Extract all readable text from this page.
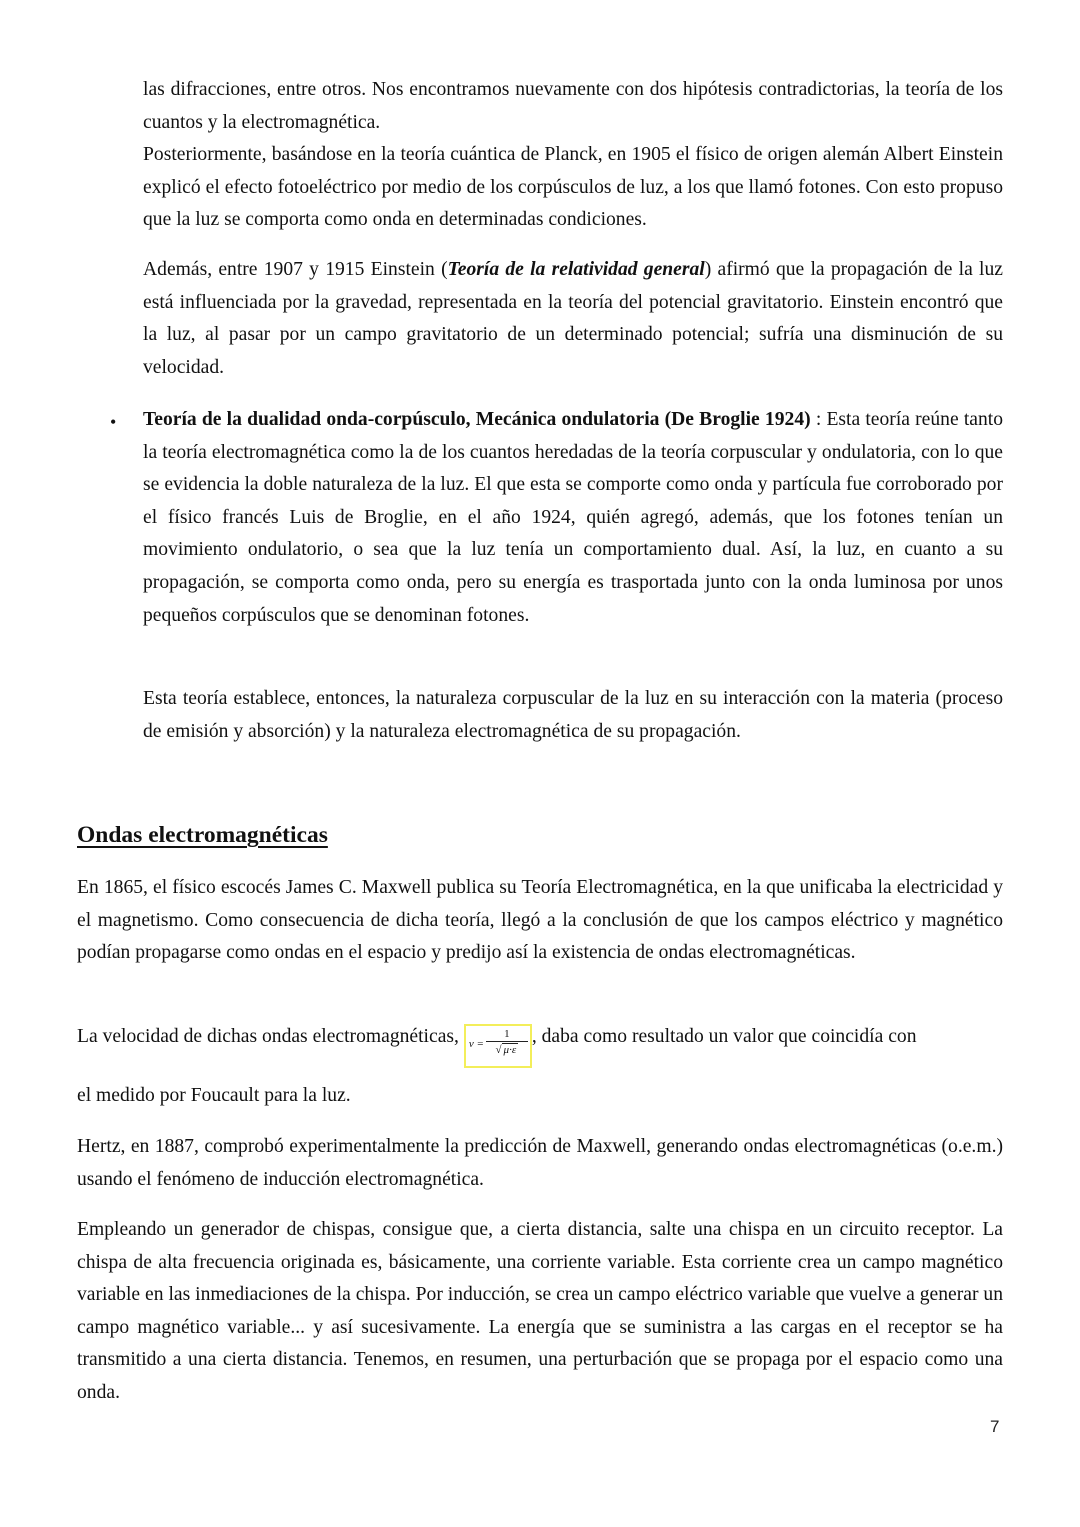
las difracciones, entre otros. Nos encontramos nuevamente con dos hipótesis contradictorias, la teoría de los cuantos y la electromagnética.

Posteriormente, basándose en la teoría cuántica de Planck, en 1905 el físico de origen alemán Albert Einstein explicó el efecto fotoeléctrico por medio de los corpúsculos de luz, a los que llamó fotones. Con esto propuso que la luz se comporta como onda en determinadas condiciones.

Además, entre 1907 y 1915 Einstein (Teoría de la relatividad general) afirmó que la propagación de la luz está influenciada por la gravedad, representada en la teoría del potencial gravitatorio. Einstein encontró que la luz, al pasar por un campo gravitatorio de un determinado potencial; sufría una disminución de su velocidad.

• Teoría de la dualidad onda-corpúsculo, Mecánica ondulatoria (De Broglie 1924) : Esta teoría reúne tanto la teoría electromagnética como la de los cuantos heredadas de la teoría corpuscular y ondulatoria, con lo que se evidencia la doble naturaleza de la luz. El que esta se comporte como onda y partícula fue corroborado por el físico francés Luis de Broglie, en el año 1924, quién agregó, además, que los fotones tenían un movimiento ondulatorio, o sea que la luz tenía un comportamiento dual. Así, la luz, en cuanto a su propagación, se comporta como onda, pero su energía es trasportada junto con la onda luminosa por unos pequeños corpúsculos que se denominan fotones.

Esta teoría establece, entonces, la naturaleza corpuscular de la luz en su interacción con la materia (proceso de emisión y absorción) y la naturaleza electromagnética de su propagación.

Ondas electromagnéticas

En 1865, el físico escocés James C. Maxwell publica su Teoría Electromagnética, en la que unificaba la electricidad y el magnetismo. Como consecuencia de dicha teoría, llegó a la conclusión de que los campos eléctrico y magnético podían propagarse como ondas en el espacio y predijo así la existencia de ondas electromagnéticas.

La velocidad de dichas ondas electromagnéticas, $v = \frac{1}{√ \mu\cdot\varepsilon}$ , daba como resultado un valor que coincidía con

el medido por Foucault para la luz.

Hertz, en 1887, comprobó experimentalmente la predicción de Maxwell, generando ondas electromagnéticas (o.e.m.) usando el fenómeno de inducción electromagnética.

Empleando un generador de chispas, consigue que, a cierta distancia, salte una chispa en un circuito receptor. La chispa de alta frecuencia originada es, básicamente, una corriente variable. Esta corriente crea un campo magnético variable en las inmediaciones de la chispa. Por inducción, se crea un campo eléctrico variable que vuelve a generar un campo magnético variable... y así sucesivamente. La energía que se suministra a las cargas en el receptor se ha transmitido a una cierta distancia. Tenemos, en resumen, una perturbación que se propaga por el espacio como una onda.

7
